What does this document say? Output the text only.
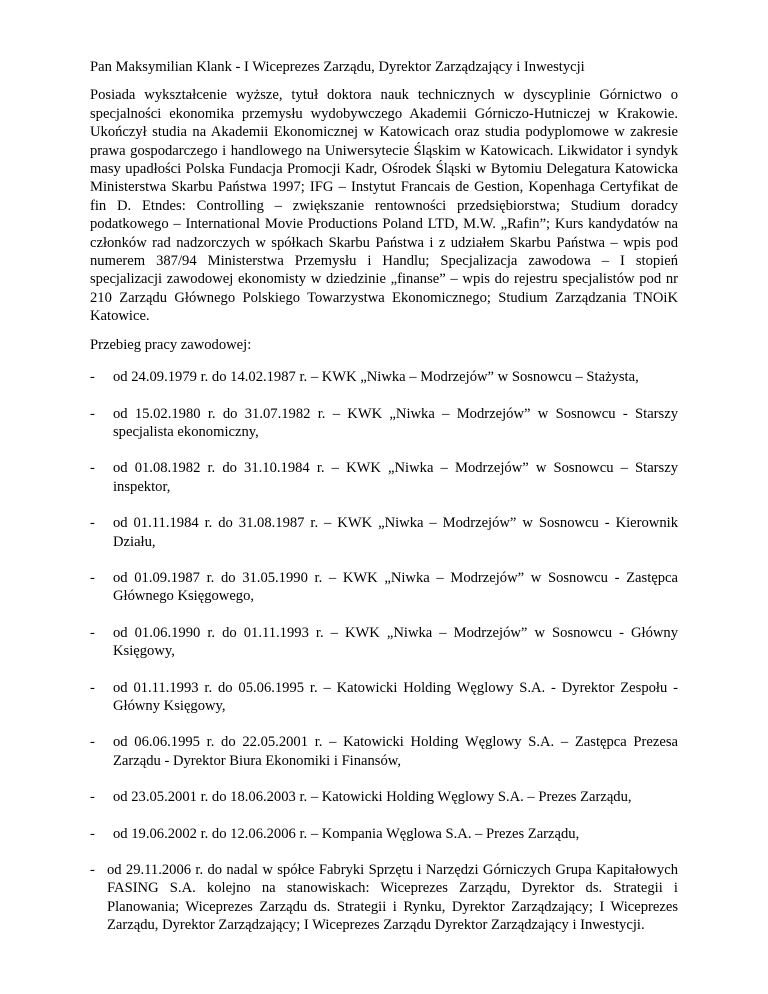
Pan Maksymilian Klank - I Wiceprezes Zarządu, Dyrektor Zarządzający i Inwestycji

Posiada wykształcenie wyższe, tytuł doktora nauk technicznych w dyscyplinie Górnictwo o specjalności ekonomika przemysłu wydobywczego Akademii Górniczo-Hutniczej w Krakowie. Ukończył studia na Akademii Ekonomicznej w Katowicach oraz studia podyplomowe w zakresie prawa gospodarczego i handlowego na Uniwersytecie Śląskim w Katowicach. Likwidator i syndyk masy upadłości Polska Fundacja Promocji Kadr, Ośrodek Śląski w Bytomiu Delegatura Katowicka Ministerstwa Skarbu Państwa 1997; IFG – Instytut Francais de Gestion, Kopenhaga Certyfikat de fin D. Etndes: Controlling – zwiększanie rentowności przedsiębiorstwa; Studium doradcy podatkowego – International Movie Productions Poland LTD, M.W. „Rafin”; Kurs kandydatów na członków rad nadzorczych w spółkach Skarbu Państwa i z udziałem Skarbu Państwa – wpis pod numerem 387/94 Ministerstwa Przemysłu i Handlu; Specjalizacja zawodowa – I stopień specjalizacji zawodowej ekonomisty w dziedzinie „finanse” – wpis do rejestru specjalistów pod nr 210 Zarządu Głównego Polskiego Towarzystwa Ekonomicznego; Studium Zarządzania TNOiK Katowice.

Przebieg pracy zawodowej:

- od 24.09.1979 r. do 14.02.1987 r. – KWK „Niwka – Modrzejów” w Sosnowcu – Stażysta,
- od 15.02.1980 r. do 31.07.1982 r. – KWK „Niwka – Modrzejów” w Sosnowcu - Starszy specjalista ekonomiczny,
- od 01.08.1982 r. do 31.10.1984 r. – KWK „Niwka – Modrzejów” w Sosnowcu – Starszy inspektor,
- od 01.11.1984 r. do 31.08.1987 r. – KWK „Niwka – Modrzejów” w Sosnowcu - Kierownik Działu,
- od 01.09.1987 r. do 31.05.1990 r. – KWK „Niwka – Modrzejów” w Sosnowcu - Zastępca Głównego Księgowego,
- od 01.06.1990 r. do 01.11.1993 r. – KWK „Niwka – Modrzejów” w Sosnowcu - Główny Księgowy,
- od 01.11.1993 r. do 05.06.1995 r. – Katowicki Holding Węglowy S.A. - Dyrektor Zespołu - Główny Księgowy,
- od 06.06.1995 r. do 22.05.2001 r. – Katowicki Holding Węglowy S.A. – Zastępca Prezesa Zarządu - Dyrektor Biura Ekonomiki i Finansów,
- od 23.05.2001 r. do 18.06.2003 r. – Katowicki Holding Węglowy S.A. – Prezes Zarządu,
- od 19.06.2002 r. do 12.06.2006 r. – Kompania Węglowa S.A. – Prezes Zarządu,
- od 29.11.2006 r. do nadal w spółce Fabryki Sprzętu i Narzędzi Górniczych Grupa Kapitałowych FASING S.A. kolejno na stanowiskach: Wiceprezes Zarządu, Dyrektor ds. Strategii i Planowania; Wiceprezes Zarządu ds. Strategii i Rynku, Dyrektor Zarządzający; I Wiceprezes Zarządu, Dyrektor Zarządzający; I Wiceprezes Zarządu Dyrektor Zarządzający i Inwestycji.
